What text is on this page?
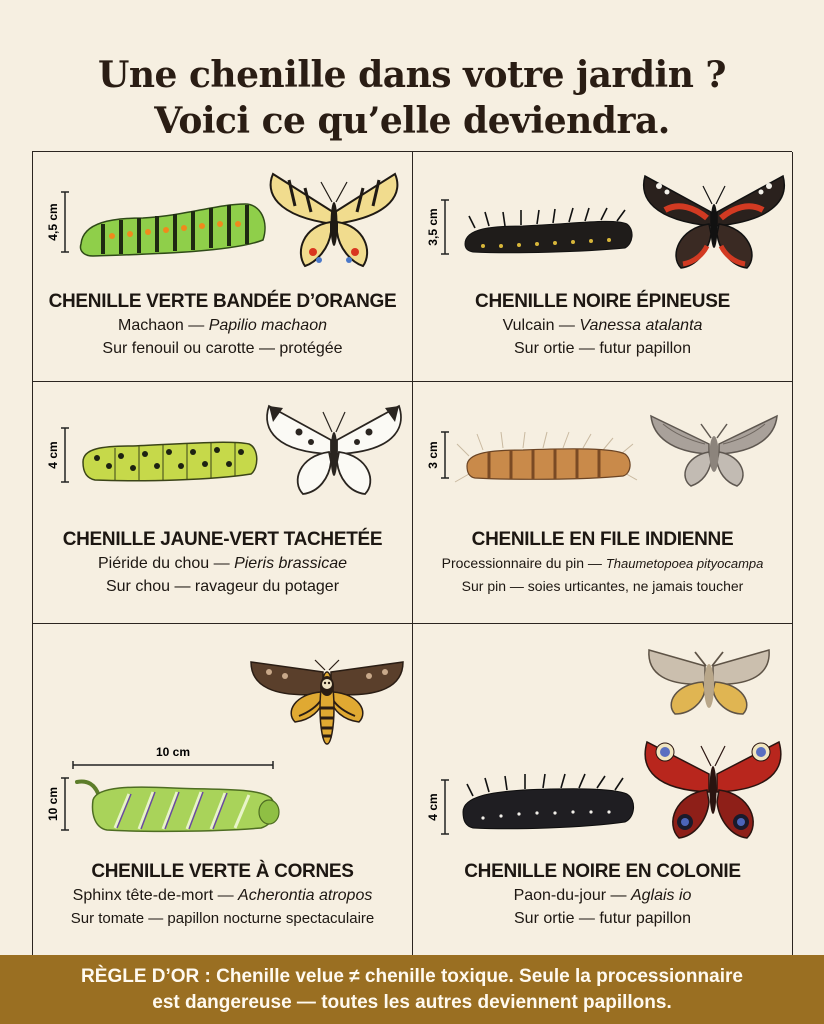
Une chenille dans votre jardin ?
Voici ce qu’elle deviendra.
4,5 cm
CHENILLE VERTE BANDÉE D’ORANGE
Machaon — Papilio machaon
Sur fenouil ou carotte — protégée
3,5 cm
CHENILLE NOIRE ÉPINEUSE
Vulcain — Vanessa atalanta
Sur ortie — futur papillon
4 cm
CHENILLE JAUNE-VERT TACHETÉE
Piéride du chou — Pieris brassicae
Sur chou — ravageur du potager
3 cm
CHENILLE EN FILE INDIENNE
Processionnaire du pin — Thaumetopoea pityocampa
Sur pin — soies urticantes, ne jamais toucher
10 cm
10 cm
CHENILLE VERTE À CORNES
Sphinx tête-de-mort — Acherontia atropos
Sur tomate — papillon nocturne spectaculaire
4 cm
CHENILLE NOIRE EN COLONIE
Paon-du-jour — Aglais io
Sur ortie — futur papillon
RÈGLE D’OR : Chenille velue ≠ chenille toxique. Seule la processionnaire
est dangereuse — toutes les autres deviennent papillons.
